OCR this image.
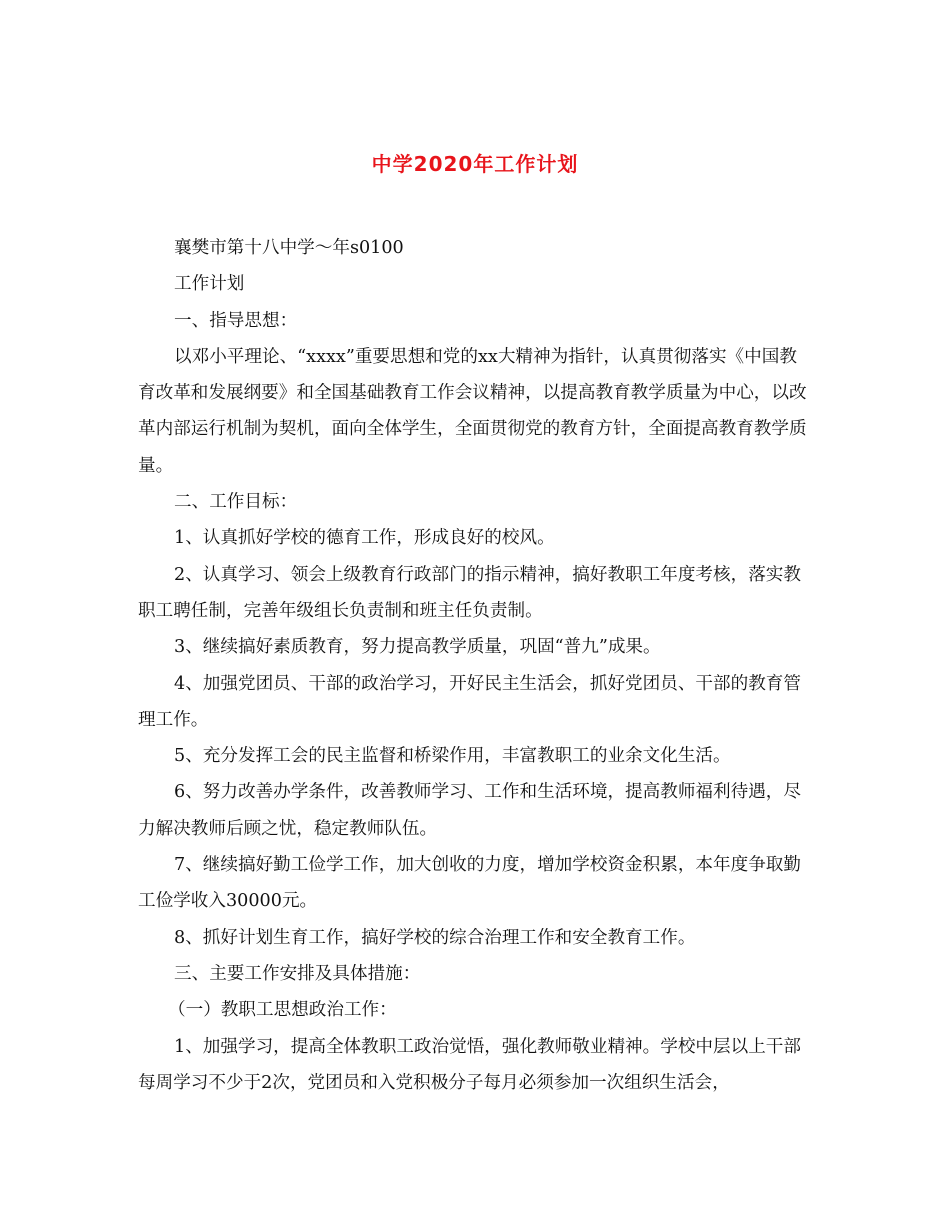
中学2020年工作计划

襄樊市第十八中学～年s0100

工作计划

一、指导思想：

以邓小平理论、“xxxx”重要思想和党的xx大精神为指针，认真贯彻落实《中国教育改革和发展纲要》和全国基础教育工作会议精神，以提高教育教学质量为中心，以改革内部运行机制为契机，面向全体学生，全面贯彻党的教育方针，全面提高教育教学质量。

二、工作目标：

1、认真抓好学校的德育工作，形成良好的校风。

2、认真学习、领会上级教育行政部门的指示精神，搞好教职工年度考核，落实教职工聘任制，完善年级组长负责制和班主任负责制。

3、继续搞好素质教育，努力提高教学质量，巩固“普九”成果。

4、加强党团员、干部的政治学习，开好民主生活会，抓好党团员、干部的教育管理工作。

5、充分发挥工会的民主监督和桥梁作用，丰富教职工的业余文化生活。

6、努力改善办学条件，改善教师学习、工作和生活环境，提高教师福利待遇，尽力解决教师后顾之忧，稳定教师队伍。

7、继续搞好勤工俭学工作，加大创收的力度，增加学校资金积累，本年度争取勤工俭学收入30000元。

8、抓好计划生育工作，搞好学校的综合治理工作和安全教育工作。

三、主要工作安排及具体措施：

（一）教职工思想政治工作：

1、加强学习，提高全体教职工政治觉悟，强化教师敬业精神。学校中层以上干部每周学习不少于2次，党团员和入党积极分子每月必须参加一次组织生活会，
